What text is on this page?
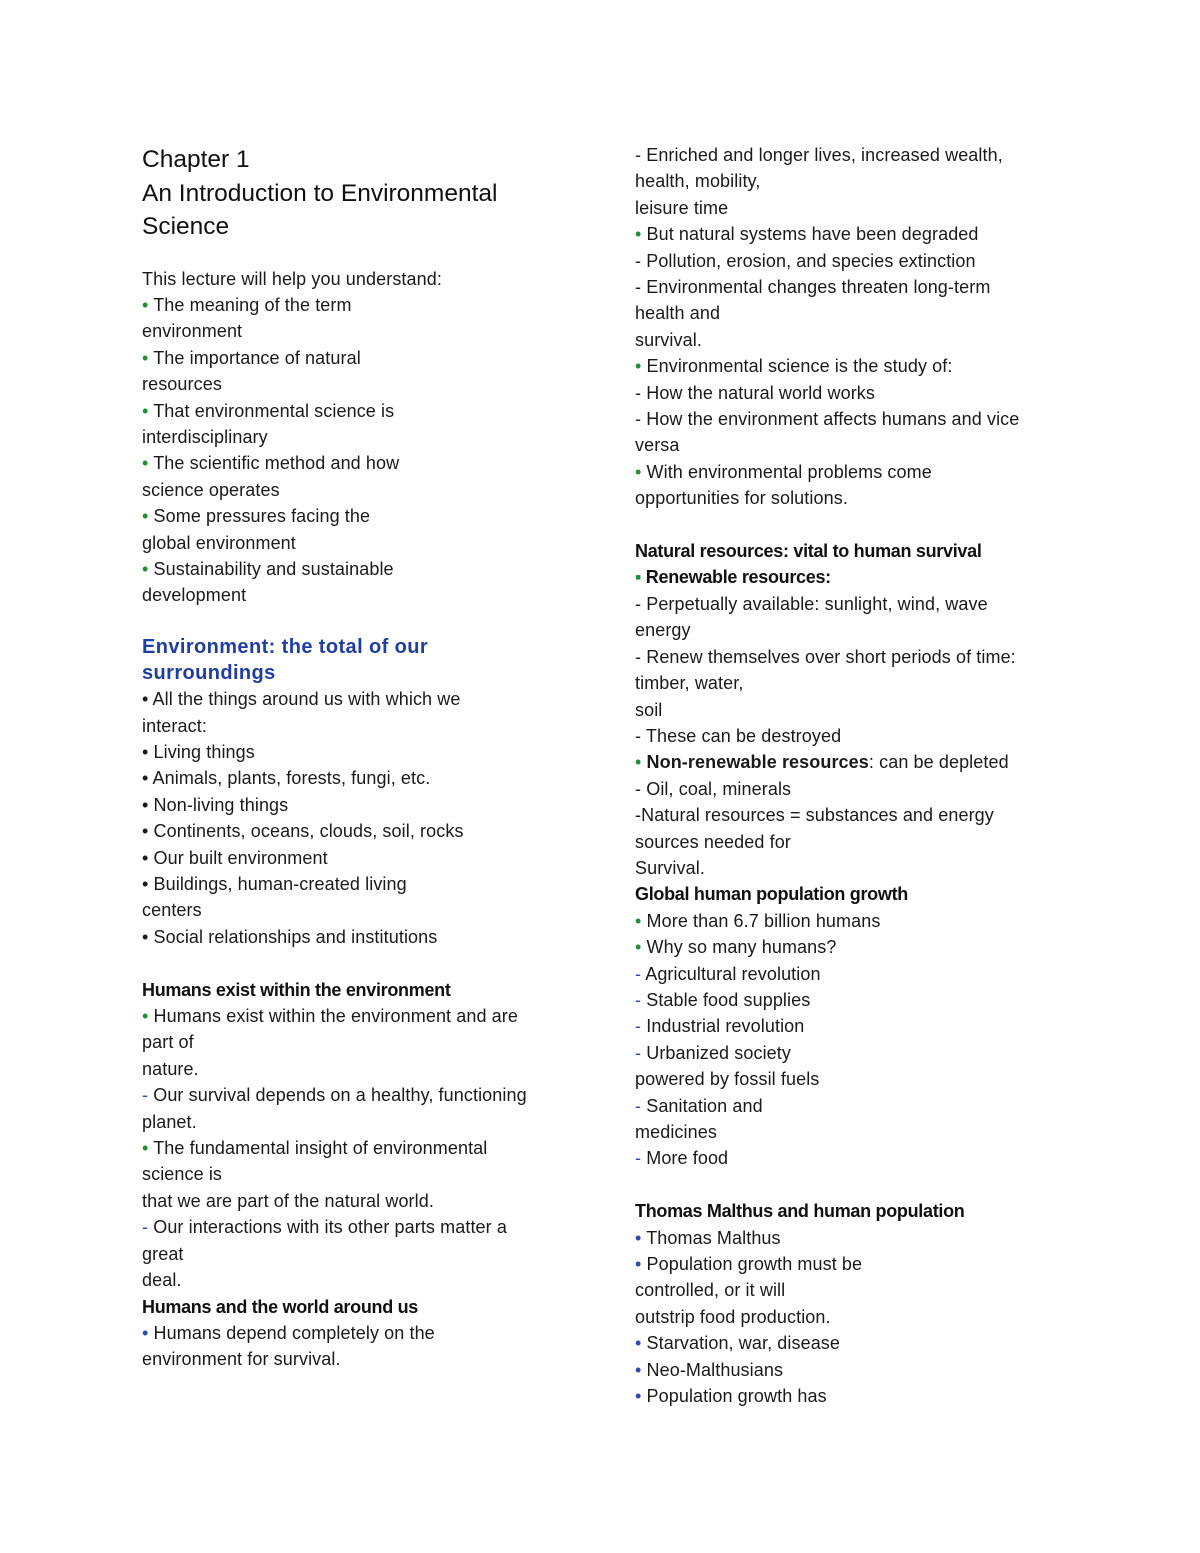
Chapter 1
An Introduction to Environmental
Science
This lecture will help you understand:
• The meaning of the term
environment
• The importance of natural
resources
• That environmental science is
interdisciplinary
• The scientific method and how
science operates
• Some pressures facing the
global environment
• Sustainability and sustainable
development
Environment: the total of our
surroundings
• All the things around us with which we
interact:
• Living things
• Animals, plants, forests, fungi, etc.
• Non-living things
• Continents, oceans, clouds, soil, rocks
• Our built environment
• Buildings, human-created living
centers
• Social relationships and institutions
Humans exist within the environment
• Humans exist within the environment and are
part of
nature.
- Our survival depends on a healthy, functioning
planet.
• The fundamental insight of environmental
science is
that we are part of the natural world.
- Our interactions with its other parts matter a
great
deal.
Humans and the world around us
• Humans depend completely on the
environment for survival.
- Enriched and longer lives, increased wealth,
health, mobility,
leisure time
• But natural systems have been degraded
- Pollution, erosion, and species extinction
- Environmental changes threaten long-term
health and
survival.
• Environmental science is the study of:
- How the natural world works
- How the environment affects humans and vice
versa
• With environmental problems come
opportunities for solutions.
Natural resources: vital to human survival
▪ Renewable resources:
- Perpetually available: sunlight, wind, wave
energy
- Renew themselves over short periods of time:
timber, water,
soil
- These can be destroyed
• Non-renewable resources: can be depleted
- Oil, coal, minerals
-Natural resources = substances and energy
sources needed for
Survival.
Global human population growth
• More than 6.7 billion humans
• Why so many humans?
- Agricultural revolution
- Stable food supplies
- Industrial revolution
- Urbanized society
powered by fossil fuels
- Sanitation and
medicines
- More food
Thomas Malthus and human population
• Thomas Malthus
• Population growth must be
controlled, or it will
outstrip food production.
• Starvation, war, disease
• Neo-Malthusians
• Population growth has
